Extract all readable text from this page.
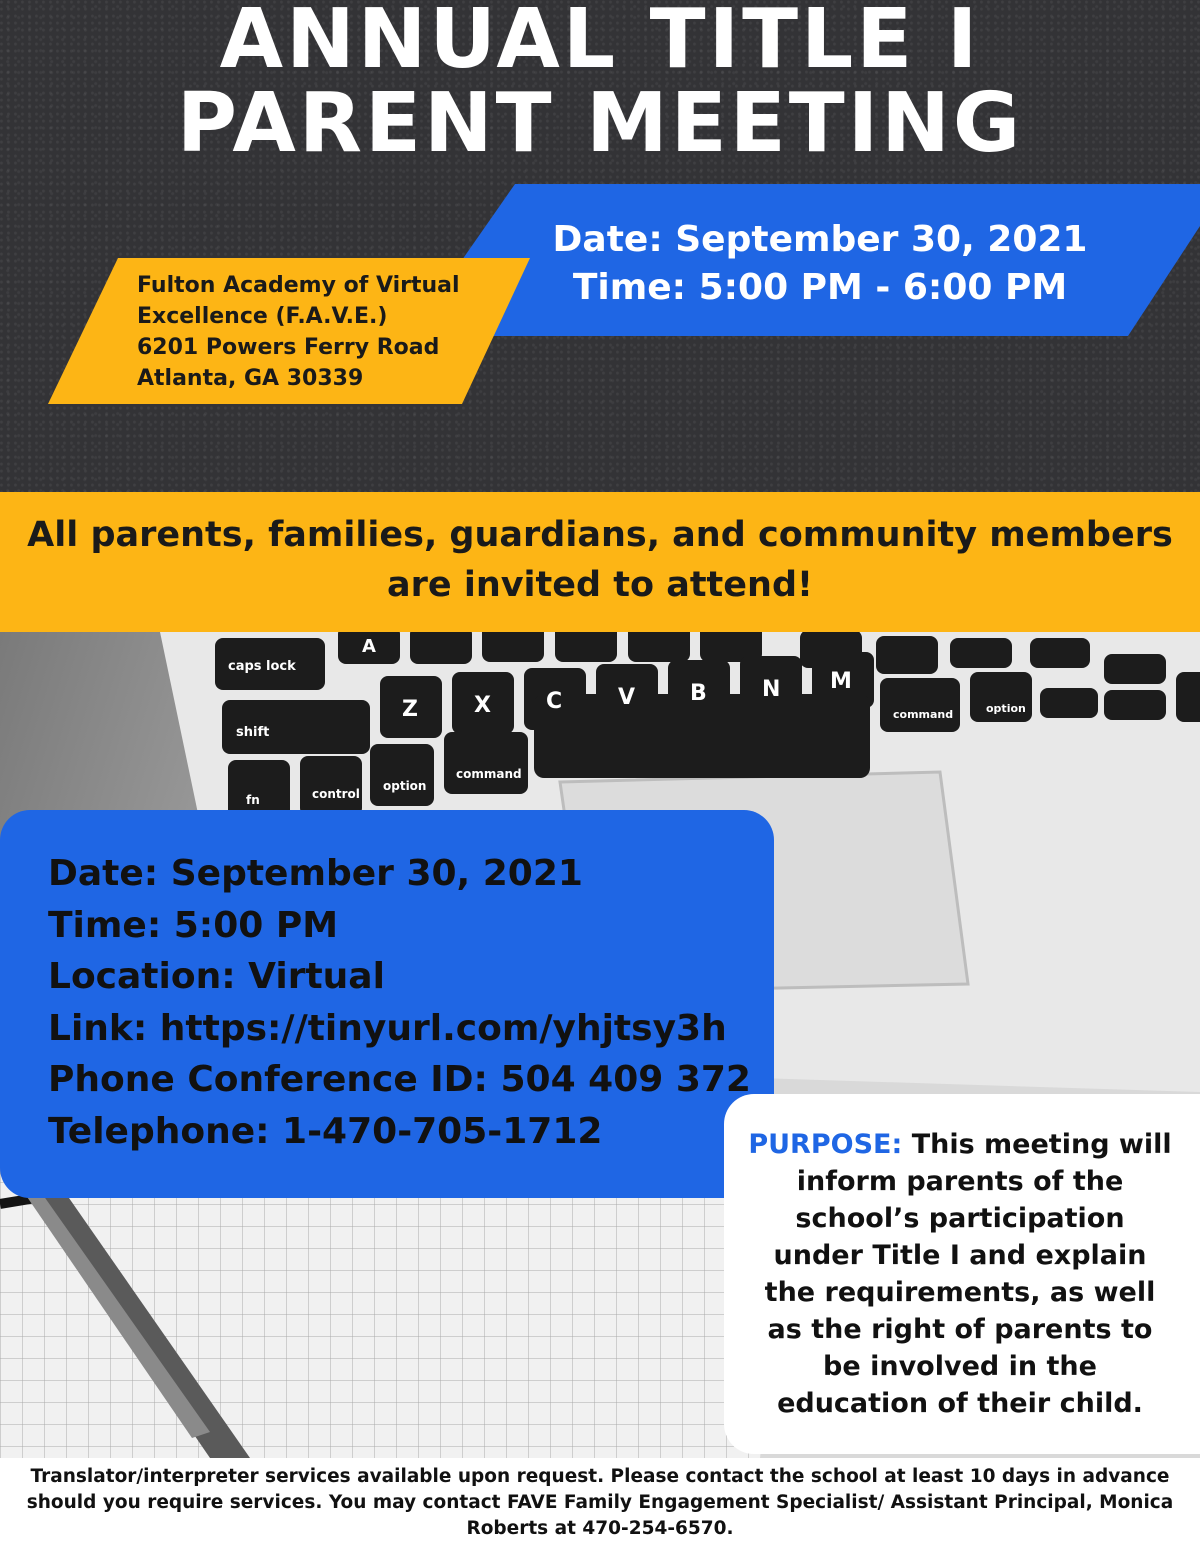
ANNUAL TITLE I
PARENT MEETING
Date: September 30, 2021
Time: 5:00 PM - 6:00 PM
Fulton Academy of Virtual
Excellence (F.A.V.E.)
6201 Powers Ferry Road
Atlanta, GA 30339
All parents, families, guardians, and community members
are invited to attend!
caps lock
shift
fn	control
option
command
Z	X	C	V B	N M
A
option
command
Date: September 30, 2021
Time: 5:00 PM
Location: Virtual
Link: https://tinyurl.com/yhjtsy3h
Phone Conference ID: 504 409 372
Telephone: 1-470-705-1712	PURPOSE: This meeting will inform parents of the school’s participation under Title I and explain the requirements, as well as the right of parents to be involved in the education of their child.
Translator/interpreter services available upon request. Please contact the school at least 10 days in advance should you require services. You may contact FAVE Family Engagement Specialist/ Assistant Principal, Monica Roberts at 470-254-6570.
